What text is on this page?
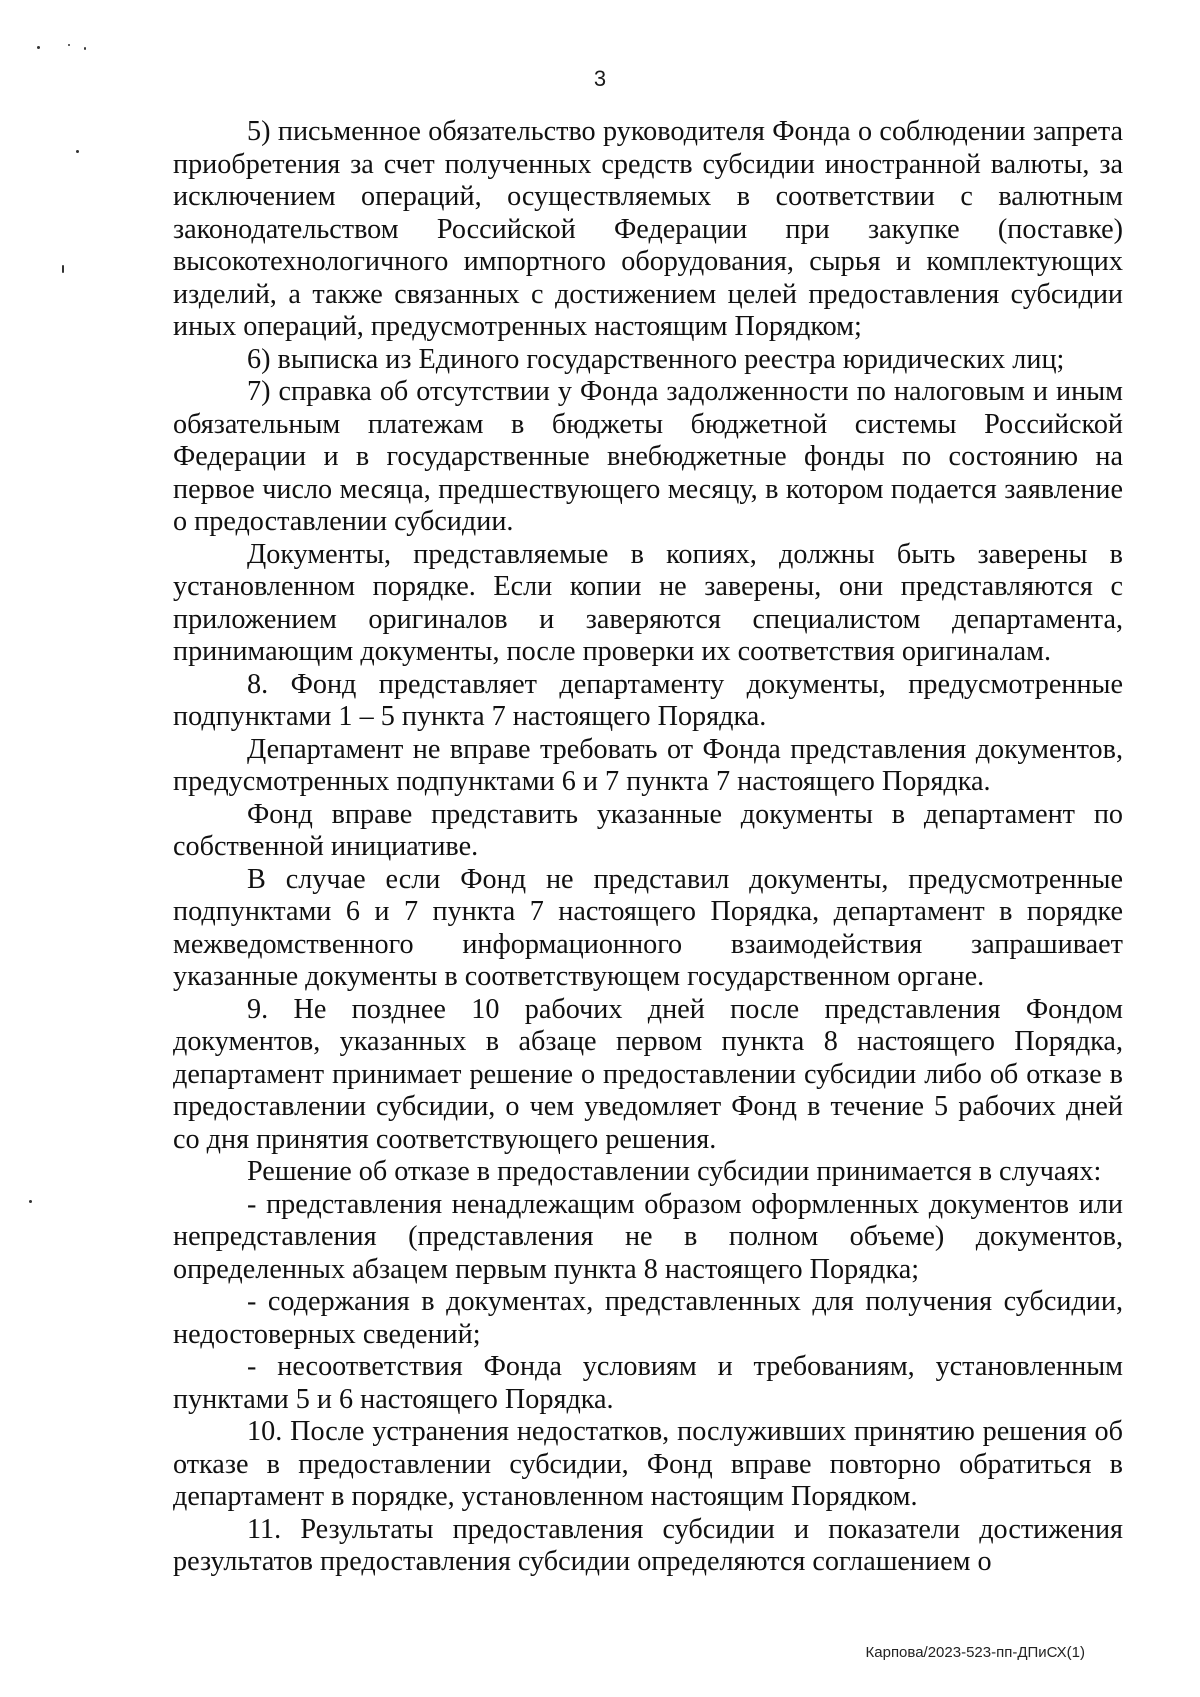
3

5) письменное обязательство руководителя Фонда о соблюдении запрета приобретения за счет полученных средств субсидии иностранной валюты, за исключением операций, осуществляемых в соответствии с валютным законодательством Российской Федерации при закупке (поставке) высокотехнологичного импортного оборудования, сырья и комплектующих изделий, а также связанных с достижением целей предоставления субсидии иных операций, предусмотренных настоящим Порядком;

6) выписка из Единого государственного реестра юридических лиц;

7) справка об отсутствии у Фонда задолженности по налоговым и иным обязательным платежам в бюджеты бюджетной системы Российской Федерации и в государственные внебюджетные фонды по состоянию на первое число месяца, предшествующего месяцу, в котором подается заявление о предоставлении субсидии.

Документы, представляемые в копиях, должны быть заверены в установленном порядке. Если копии не заверены, они представляются с приложением оригиналов и заверяются специалистом департамента, принимающим документы, после проверки их соответствия оригиналам.

8. Фонд представляет департаменту документы, предусмотренные подпунктами 1 – 5 пункта 7 настоящего Порядка.

Департамент не вправе требовать от Фонда представления документов, предусмотренных подпунктами 6 и 7 пункта 7 настоящего Порядка.

Фонд вправе представить указанные документы в департамент по собственной инициативе.

В случае если Фонд не представил документы, предусмотренные подпунктами 6 и 7 пункта 7 настоящего Порядка, департамент в порядке межведомственного информационного взаимодействия запрашивает указанные документы в соответствующем государственном органе.

9. Не позднее 10 рабочих дней после представления Фондом документов, указанных в абзаце первом пункта 8 настоящего Порядка, департамент принимает решение о предоставлении субсидии либо об отказе в предоставлении субсидии, о чем уведомляет Фонд в течение 5 рабочих дней со дня принятия соответствующего решения.

Решение об отказе в предоставлении субсидии принимается в случаях:

- представления ненадлежащим образом оформленных документов или непредставления (представления не в полном объеме) документов, определенных абзацем первым пункта 8 настоящего Порядка;

- содержания в документах, представленных для получения субсидии, недостоверных сведений;

- несоответствия Фонда условиям и требованиям, установленным пунктами 5 и 6 настоящего Порядка.

10. После устранения недостатков, послуживших принятию решения об отказе в предоставлении субсидии, Фонд вправе повторно обратиться в департамент в порядке, установленном настоящим Порядком.

11. Результаты предоставления субсидии и показатели достижения результатов предоставления субсидии определяются соглашением о

Карпова/2023-523-пп-ДПиСХ(1)
